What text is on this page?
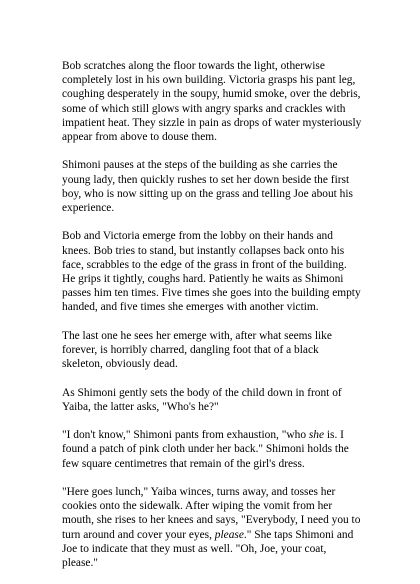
Bob scratches along the floor towards the light, otherwise completely lost in his own building. Victoria grasps his pant leg, coughing desperately in the soupy, humid smoke, over the debris, some of which still glows with angry sparks and crackles with impatient heat. They sizzle in pain as drops of water mysteriously appear from above to douse them.

Shimoni pauses at the steps of the building as she carries the young lady, then quickly rushes to set her down beside the first boy, who is now sitting up on the grass and telling Joe about his experience.

Bob and Victoria emerge from the lobby on their hands and knees. Bob tries to stand, but instantly collapses back onto his face, scrabbles to the edge of the grass in front of the building. He grips it tightly, coughs hard. Patiently he waits as Shimoni passes him ten times. Five times she goes into the building empty handed, and five times she emerges with another victim.

The last one he sees her emerge with, after what seems like forever, is horribly charred, dangling foot that of a black skeleton, obviously dead.

As Shimoni gently sets the body of the child down in front of Yaiba, the latter asks, "Who's he?"

"I don't know," Shimoni pants from exhaustion, "who she is. I found a patch of pink cloth under her back." Shimoni holds the few square centimetres that remain of the girl's dress.

"Here goes lunch," Yaiba winces, turns away, and tosses her cookies onto the sidewalk. After wiping the vomit from her mouth, she rises to her knees and says, "Everybody, I need you to turn around and cover your eyes, please." She taps Shimoni and Joe to indicate that they must as well. "Oh, Joe, your coat, please."
